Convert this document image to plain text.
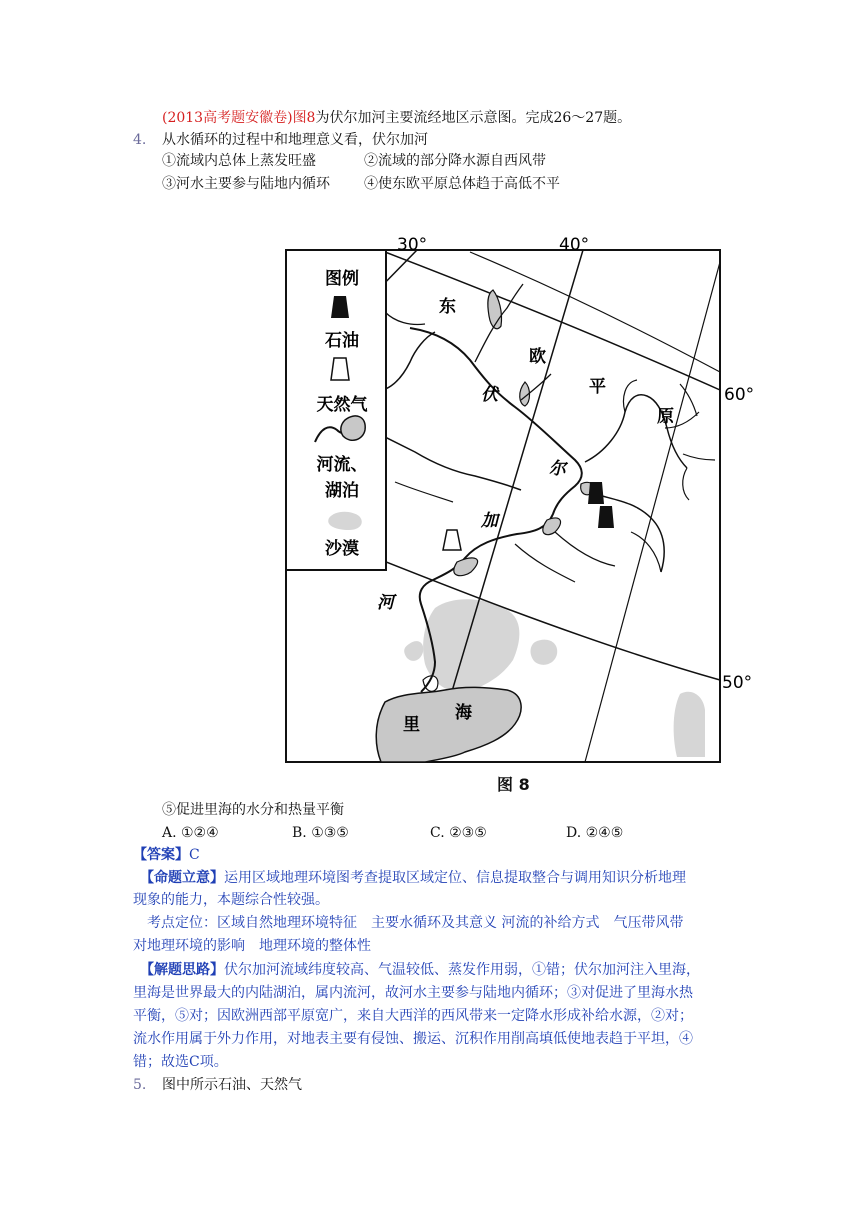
(2013高考题安徽卷)图8为伏尔加河主要流经地区示意图。完成26～27题。
4. 从水循环的过程中和地理意义看，伏尔加河
①流域内总体上蒸发旺盛	②流域的部分降水源自西风带
③河水主要参与陆地内循环 ④使东欧平原总体趋于高低不平
图例
石油
天然气
河流、
湖泊
沙漠
30°	40°
60°
50°
东
欧
平
原
伏
尔
加
河
里
海
图 8
⑤促进里海的水分和热量平衡
A. ①②④	B. ①③⑤	C. ②③⑤	D. ②④⑤
【答案】C
【命题立意】运用区域地理环境图考查提取区域定位、信息提取整合与调用知识分析地理
现象的能力，本题综合性较强。
考点定位：区域自然地理环境特征　主要水循环及其意义 河流的补给方式　气压带风带
对地理环境的影响　地理环境的整体性
【解题思路】伏尔加河流域纬度较高、气温较低、蒸发作用弱，①错；伏尔加河注入里海，
里海是世界最大的内陆湖泊，属内流河，故河水主要参与陆地内循环；③对促进了里海水热
平衡，⑤对；因欧洲西部平原宽广，来自大西洋的西风带来一定降水形成补给水源，②对；
流水作用属于外力作用，对地表主要有侵蚀、搬运、沉积作用削高填低使地表趋于平坦，④
错；故选C项。
5. 图中所示石油、天然气
